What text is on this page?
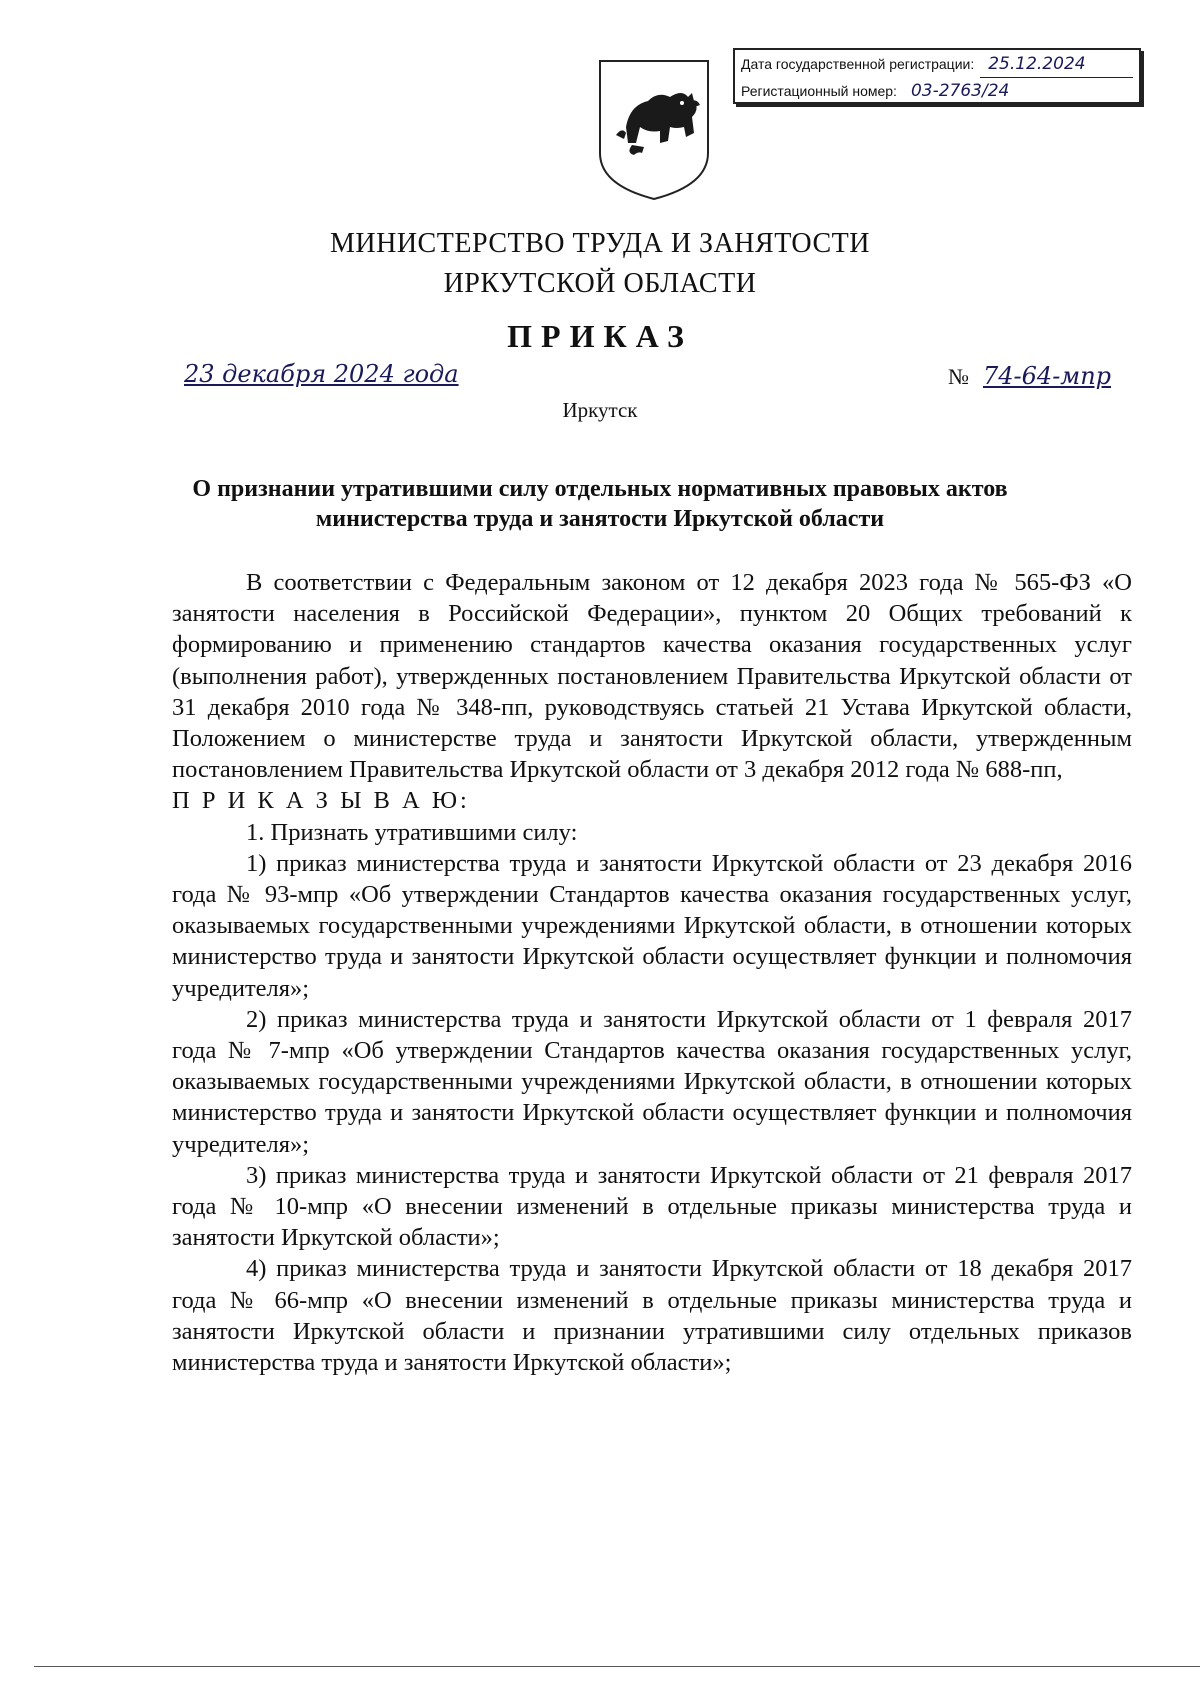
Дата государственной регистрации: 25.12.2024
Регистационный номер: 03-2763/24
МИНИСТЕРСТВО ТРУДА И ЗАНЯТОСТИ
ИРКУТСКОЙ ОБЛАСТИ
ПРИКАЗ
23 декабря 2024 года	№ 74-64-мпр
Иркутск
О признании утратившими силу отдельных нормативных правовых актов министерства труда и занятости Иркутской области

В соответствии с Федеральным законом от 12 декабря 2023 года № 565-ФЗ «О занятости населения в Российской Федерации», пунктом 20 Общих требований к формированию и применению стандартов качества оказания государственных услуг (выполнения работ), утвержденных постановлением Правительства Иркутской области от 31 декабря 2010 года № 348-пп, руководствуясь статьей 21 Устава Иркутской области, Положением о министерстве труда и занятости Иркутской области, утвержденным постановлением Правительства Иркутской области от 3 декабря 2012 года № 688-пп,

П Р И К А З Ы В А Ю:

1. Признать утратившими силу:

1) приказ министерства труда и занятости Иркутской области от 23 декабря 2016 года № 93-мпр «Об утверждении Стандартов качества оказания государственных услуг, оказываемых государственными учреждениями Иркутской области, в отношении которых министерство труда и занятости Иркутской области осуществляет функции и полномочия учредителя»;

2) приказ министерства труда и занятости Иркутской области от 1 февраля 2017 года № 7-мпр «Об утверждении Стандартов качества оказания государственных услуг, оказываемых государственными учреждениями Иркутской области, в отношении которых министерство труда и занятости Иркутской области осуществляет функции и полномочия учредителя»;

3) приказ министерства труда и занятости Иркутской области от 21 февраля 2017 года № 10-мпр «О внесении изменений в отдельные приказы министерства труда и занятости Иркутской области»;

4) приказ министерства труда и занятости Иркутской области от 18 декабря 2017 года № 66-мпр «О внесении изменений в отдельные приказы министерства труда и занятости Иркутской области и признании утратившими силу отдельных приказов министерства труда и занятости Иркутской области»;
